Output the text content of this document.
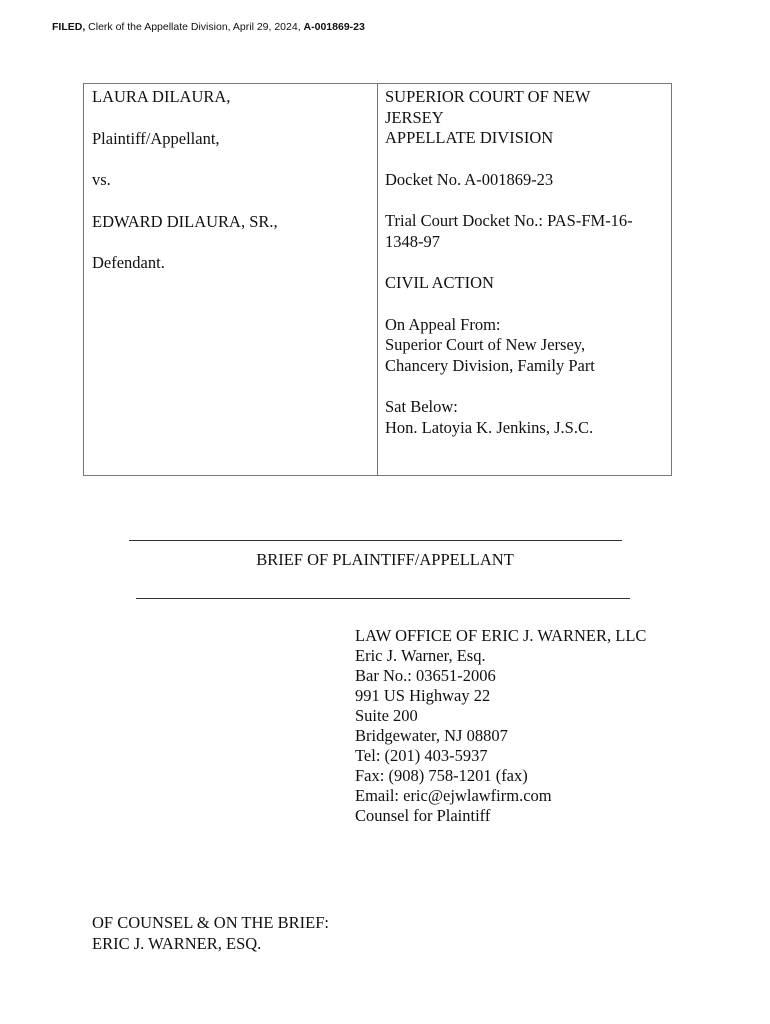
FILED, Clerk of the Appellate Division, April 29, 2024, A-001869-23

LAURA DILAURA,

Plaintiff/Appellant,

vs.

EDWARD DILAURA, SR.,

Defendant.

SUPERIOR COURT OF NEW

JERSEY

APPELLATE DIVISION

Docket No. A-001869-23

Trial Court Docket No.: PAS-FM-16-

1348-97

CIVIL ACTION

On Appeal From:

Superior Court of New Jersey,

Chancery Division, Family Part

Sat Below:

Hon. Latoyia K. Jenkins, J.S.C.

BRIEF OF PLAINTIFF/APPELLANT
LAW OFFICE OF ERIC J. WARNER, LLC
Eric J. Warner, Esq.
Bar No.: 03651-2006
991 US Highway 22
Suite 200
Bridgewater, NJ 08807
Tel: (201) 403-5937
Fax: (908) 758-1201 (fax)
Email: eric@ejwlawfirm.com
Counsel for Plaintiff
OF COUNSEL & ON THE BRIEF:
ERIC J. WARNER, ESQ.
